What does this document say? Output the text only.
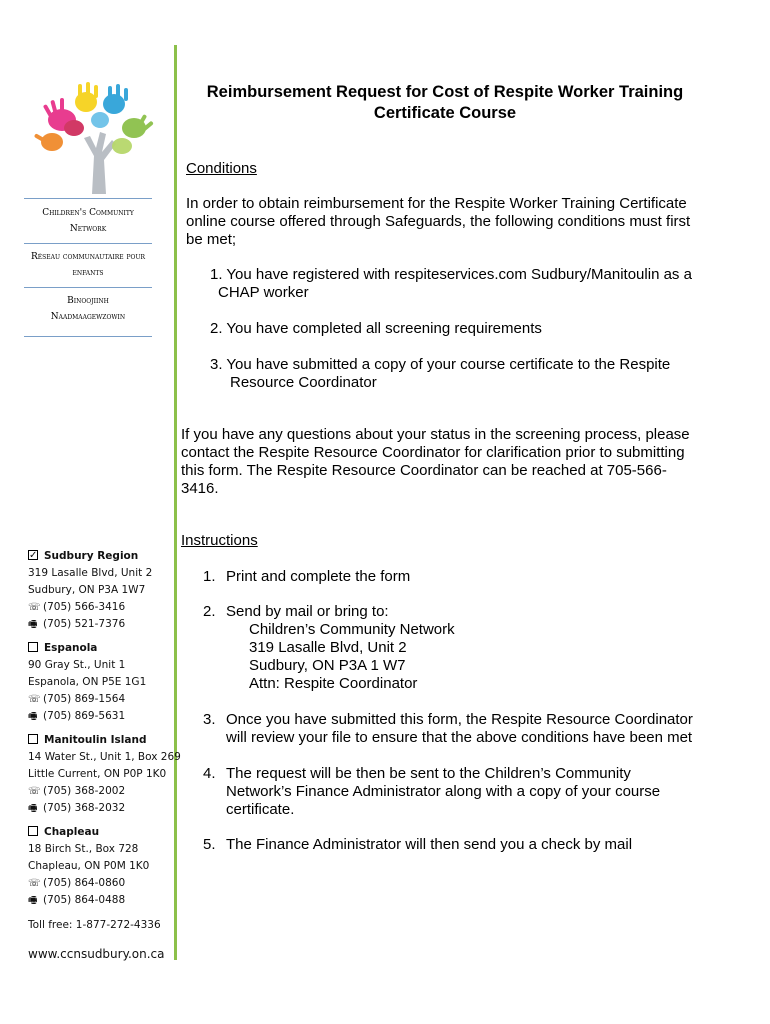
Children's Community Network
Réseau communautaire pour enfants
Binoojiinh Naadmaagewzowin
✓Sudbury Region
319 Lasalle Blvd, Unit 2
Sudbury, ON P3A 1W7
☏ (705) 566-3416
🖷 (705) 521-7376
Espanola
90 Gray St., Unit 1
Espanola, ON P5E 1G1
☏ (705) 869-1564
🖷 (705) 869-5631
Manitoulin Island
14 Water St., Unit 1, Box 269
Little Current, ON P0P 1K0
☏ (705) 368-2002
🖷 (705) 368-2032
Chapleau
18 Birch St., Box 728
Chapleau, ON P0M 1K0
☏ (705) 864-0860
🖷 (705) 864-0488
Toll free: 1-877-272-4336
www.ccnsudbury.on.ca
Reimbursement Request for Cost of Respite Worker Training
Certificate Course
Conditions
In order to obtain reimbursement for the Respite Worker Training Certificate
online course offered through Safeguards, the following conditions must first
be met;
1. You have registered with respiteservices.com Sudbury/Manitoulin as a
CHAP worker
2. You have completed all screening requirements
3. You have submitted a copy of your course certificate to the Respite
Resource Coordinator
If you have any questions about your status in the screening process, please
contact the Respite Resource Coordinator for clarification prior to submitting
this form. The Respite Resource Coordinator can be reached at 705-566-
3416.
Instructions
1. Print and complete the form
2. Send by mail or bring to:
Children’s Community Network
319 Lasalle Blvd, Unit 2
Sudbury, ON P3A 1 W7
Attn: Respite Coordinator
3. Once you have submitted this form, the Respite Resource Coordinator
will review your file to ensure that the above conditions have been met
4. The request will be then be sent to the Children’s Community
Network’s Finance Administrator along with a copy of your course
certificate.
5. The Finance Administrator will then send you a check by mail
